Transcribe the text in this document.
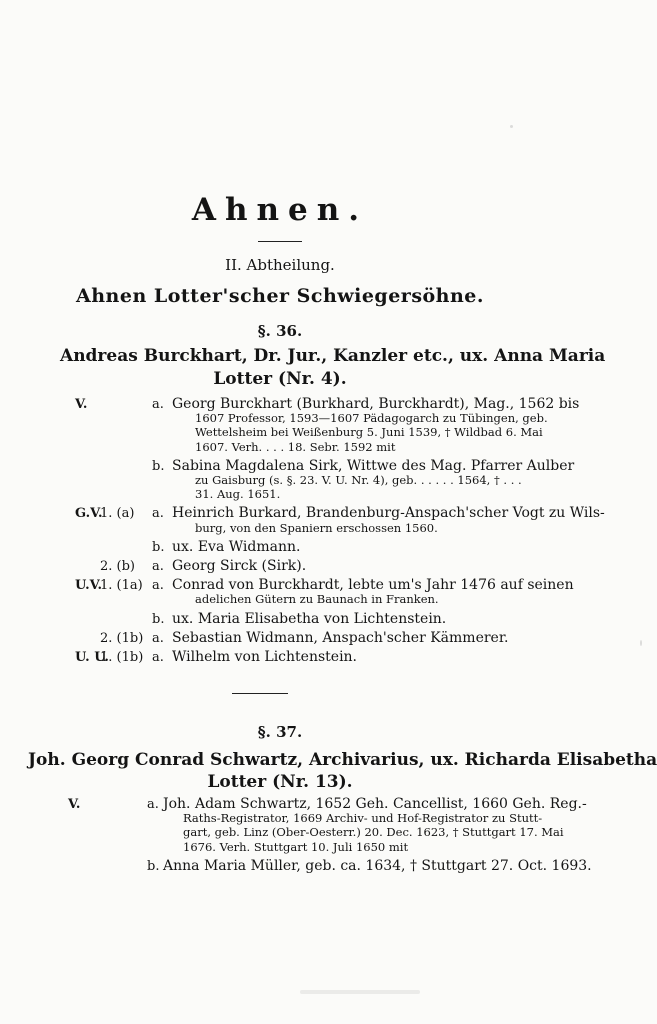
Ahnen.
II. Abtheilung.
Ahnen Lotter'scher Schwiegersöhne.
§. 36.
Andreas Burckhart, Dr. Jur., Kanzler etc., ux. Anna Maria
Lotter (Nr. 4).
V.	a. Georg Burckhart (Burkhard, Burckhardt), Mag., 1562 bis
1607 Professor, 1593—1607 Pädagogarch zu Tübingen, geb.
Wettelsheim bei Weißenburg 5. Juni 1539, † Wildbad 6. Mai
1607. Verh. . . . 18. Sebr. 1592 mit
b. Sabina Magdalena Sirk, Wittwe des Mag. Pfarrer Aulber
zu Gaisburg (s. §. 23. V. U. Nr. 4), geb. . . . . . 1564, † . . .
31. Aug. 1651.
G.V.
1. (a) a. Heinrich Burkard, Brandenburg-Anspach'scher Vogt zu Wils-
burg, von den Spaniern erschossen 1560.
b. ux. Eva Widmann.
2. (b) a. Georg Sirck (Sirk).
U.V.
1. (1a) a. Conrad von Burckhardt, lebte um's Jahr 1476 auf seinen
adelichen Gütern zu Baunach in Franken.
b. ux. Maria Elisabetha von Lichtenstein.
2. (1b) a. Sebastian Widmann, Anspach'scher Kämmerer.
U. U.
1. (1b) a. Wilhelm von Lichtenstein.
§. 37.
Joh. Georg Conrad Schwartz, Archivarius, ux. Richarda Elisabetha
Lotter (Nr. 13).
V.	a. Joh. Adam Schwartz, 1652 Geh. Cancellist, 1660 Geh. Reg.-
Raths-Registrator, 1669 Archiv- und Hof-Registrator zu Stutt-
gart, geb. Linz (Ober-Oesterr.) 20. Dec. 1623, † Stuttgart 17. Mai
1676. Verh. Stuttgart 10. Juli 1650 mit
b. Anna Maria Müller, geb. ca. 1634, † Stuttgart 27. Oct. 1693.
